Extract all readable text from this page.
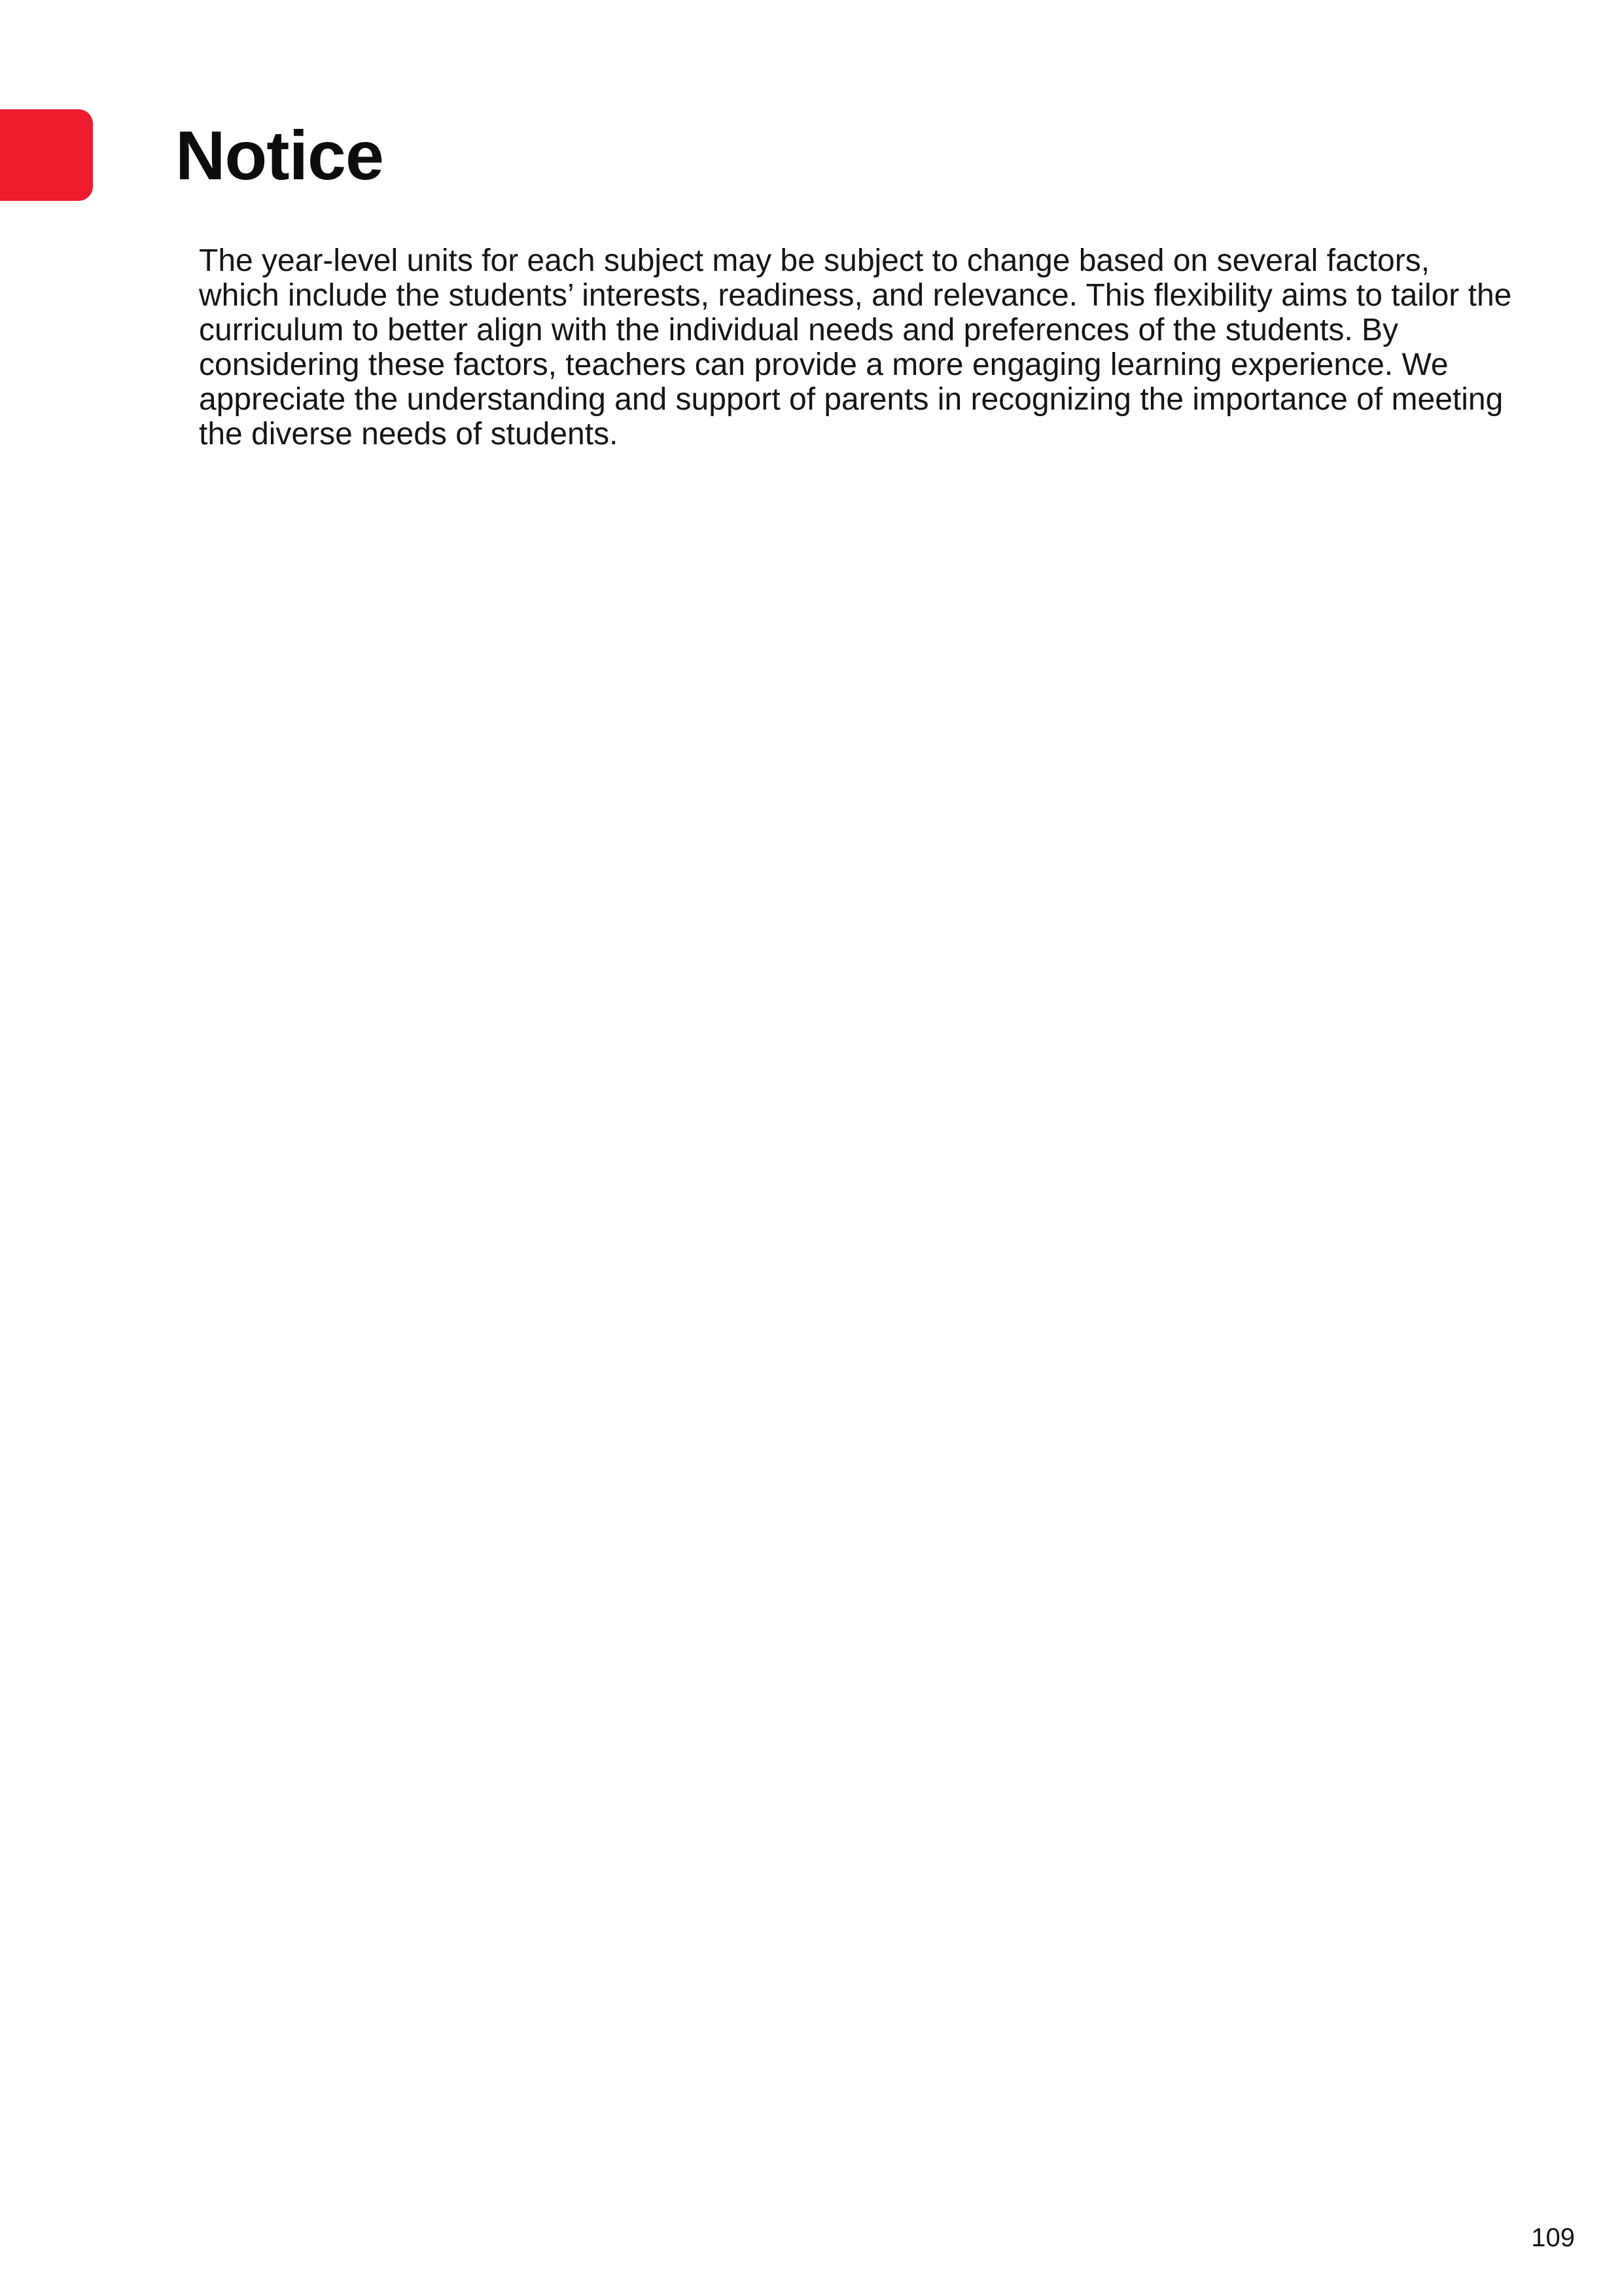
Notice

The year-level units for each subject may be subject to change based on several factors, which include the students’ interests, readiness, and relevance. This flexibility aims to tailor the curriculum to better align with the individual needs and preferences of the students. By considering these factors, teachers can provide a more engaging learning experience. We appreciate the understanding and support of parents in recognizing the importance of meeting the diverse needs of students.

109
